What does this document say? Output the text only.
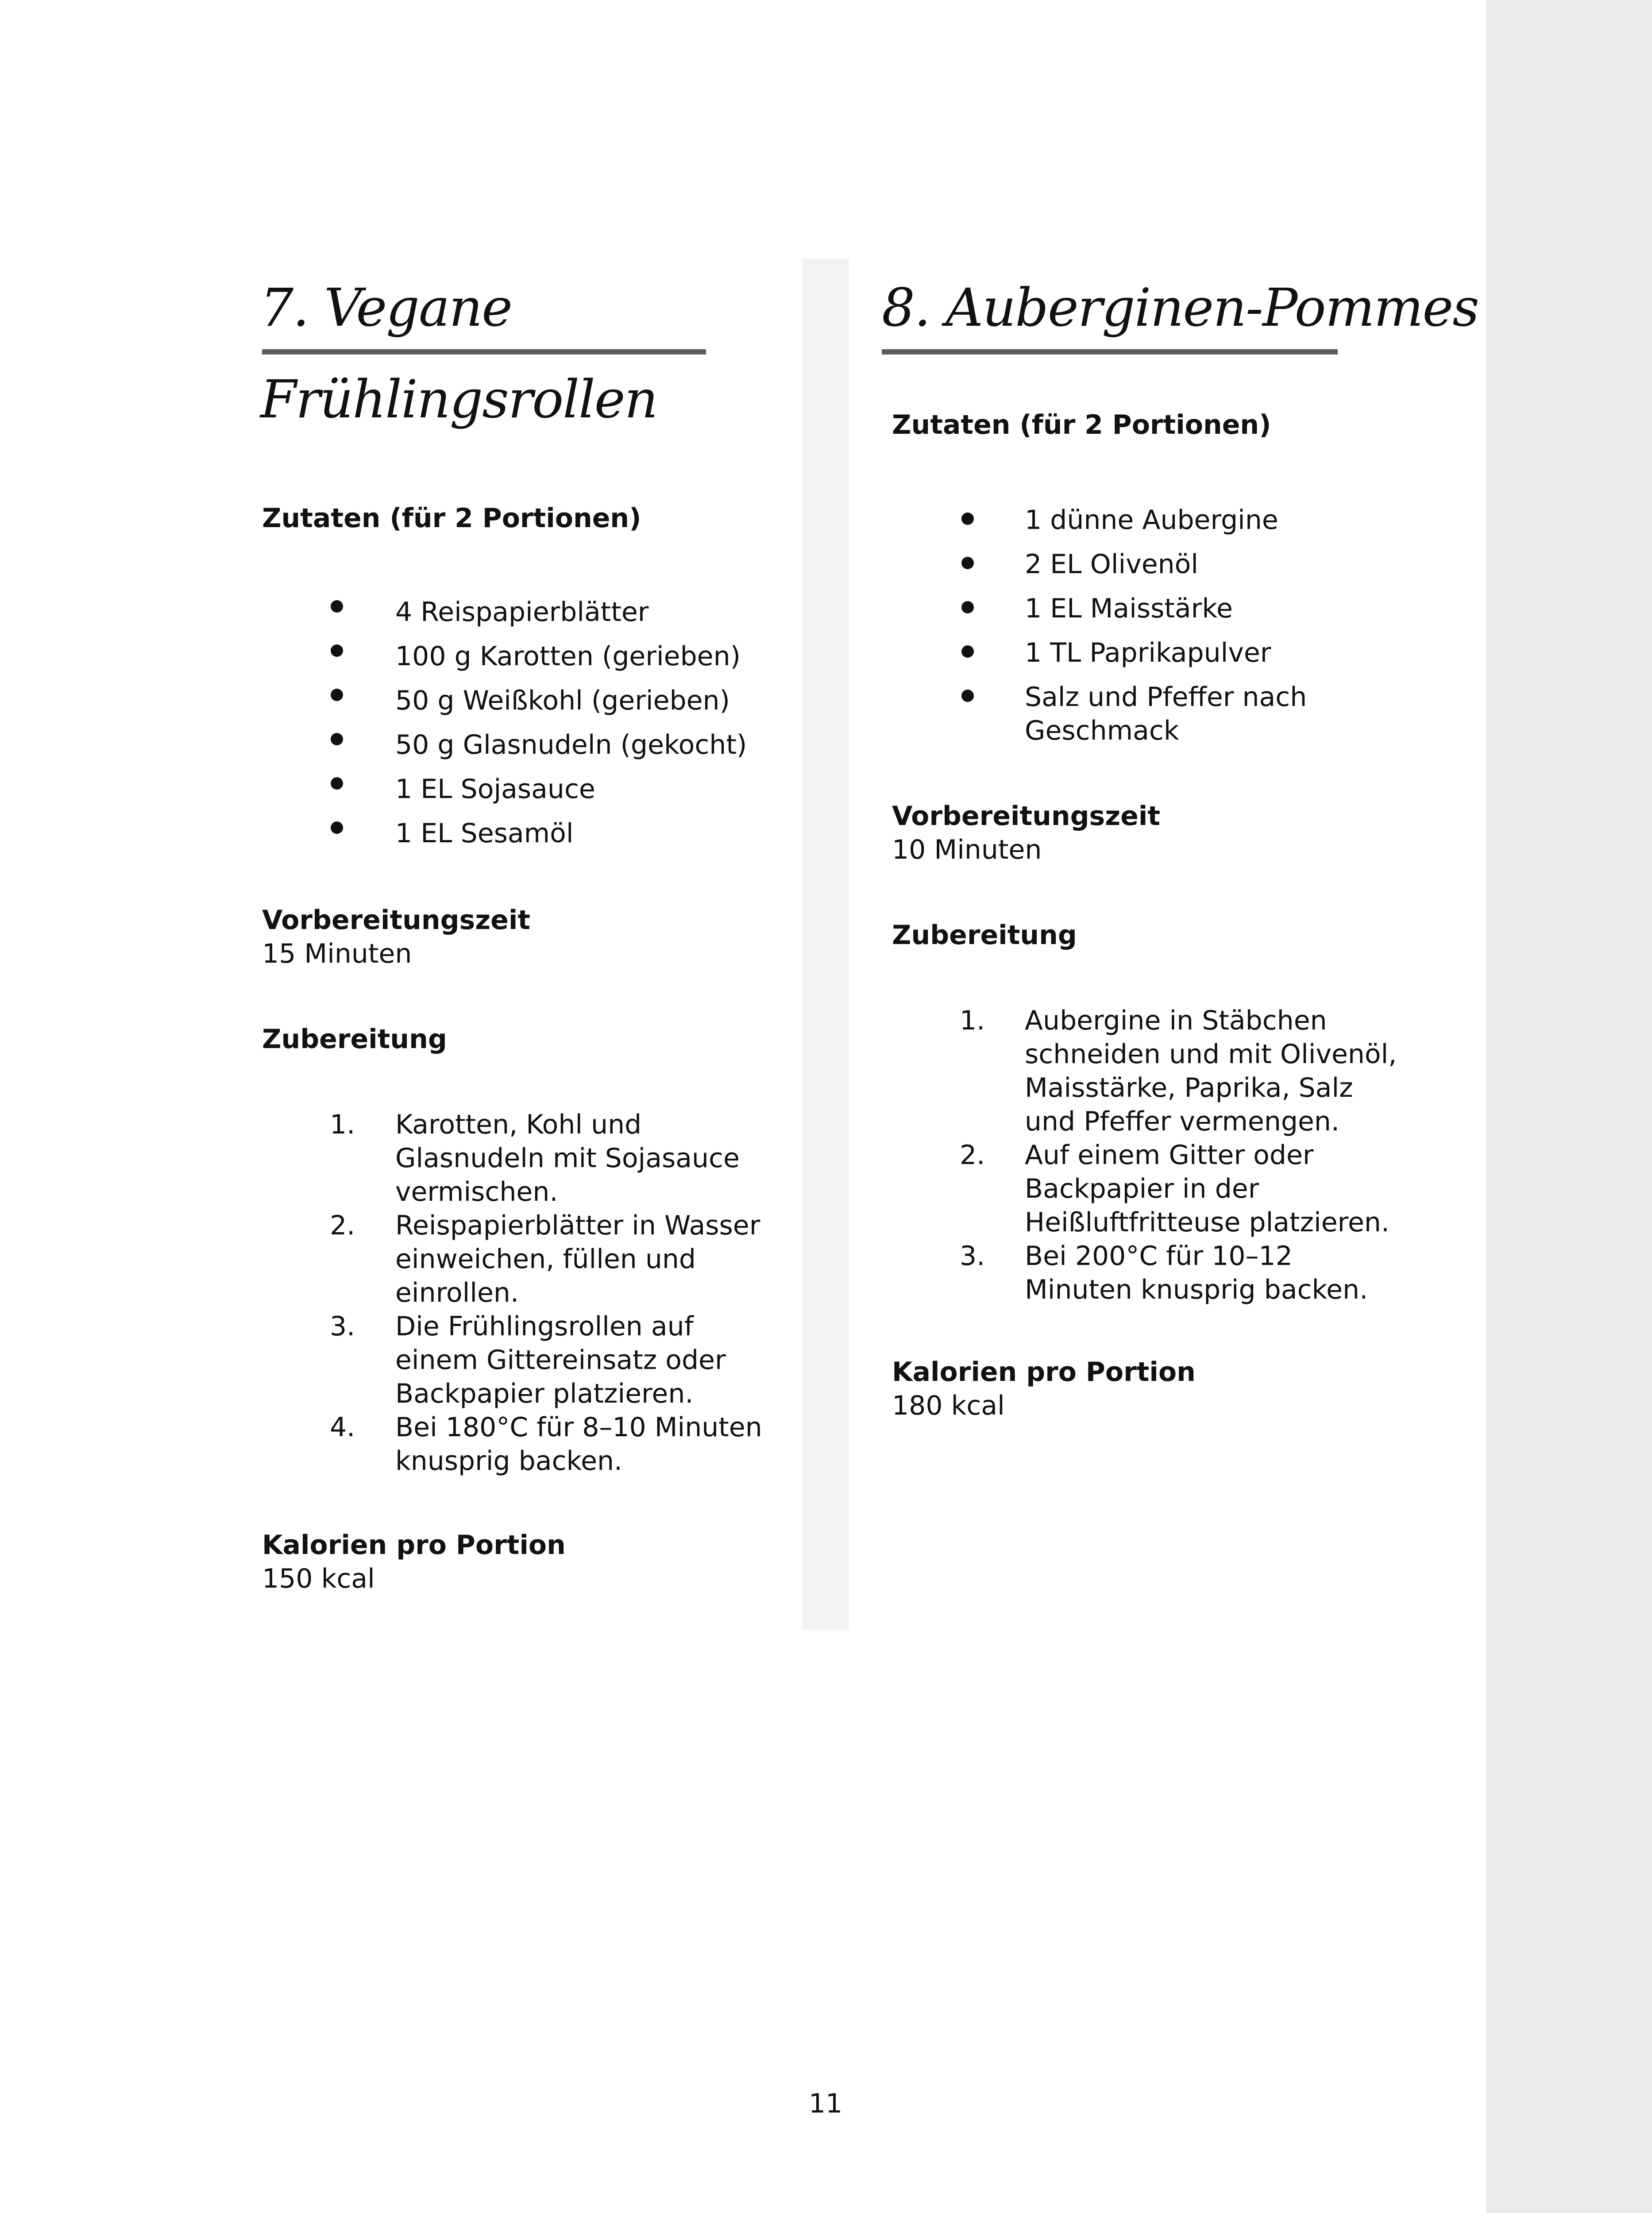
7. Vegane
Frühlingsrollen
Zutaten (für 2 Portionen)
4 Reispapierblätter
100 g Karotten (gerieben)
50 g Weißkohl (gerieben)
50 g Glasnudeln (gekocht)
1 EL Sojasauce
1 EL Sesamöl
Vorbereitungszeit
15 Minuten
Zubereitung
1. Karotten, Kohl und
Glasnudeln mit Sojasauce
vermischen.
2. Reispapierblätter in Wasser
einweichen, füllen und
einrollen.
3. Die Frühlingsrollen auf
einem Gittereinsatz oder
Backpapier platzieren.
4. Bei 180°C für 8–10 Minuten
knusprig backen.
Kalorien pro Portion
150 kcal
8. Auberginen-Pommes
Zutaten (für 2 Portionen)
1 dünne Aubergine
2 EL Olivenöl
1 EL Maisstärke
1 TL Paprikapulver
Salz und Pfeffer nach
Geschmack
Vorbereitungszeit
10 Minuten
Zubereitung
1. Aubergine in Stäbchen
schneiden und mit Olivenöl,
Maisstärke, Paprika, Salz
und Pfeffer vermengen.
2. Auf einem Gitter oder
Backpapier in der
Heißluftfritteuse platzieren.
3. Bei 200°C für 10–12
Minuten knusprig backen.
Kalorien pro Portion
180 kcal
11
